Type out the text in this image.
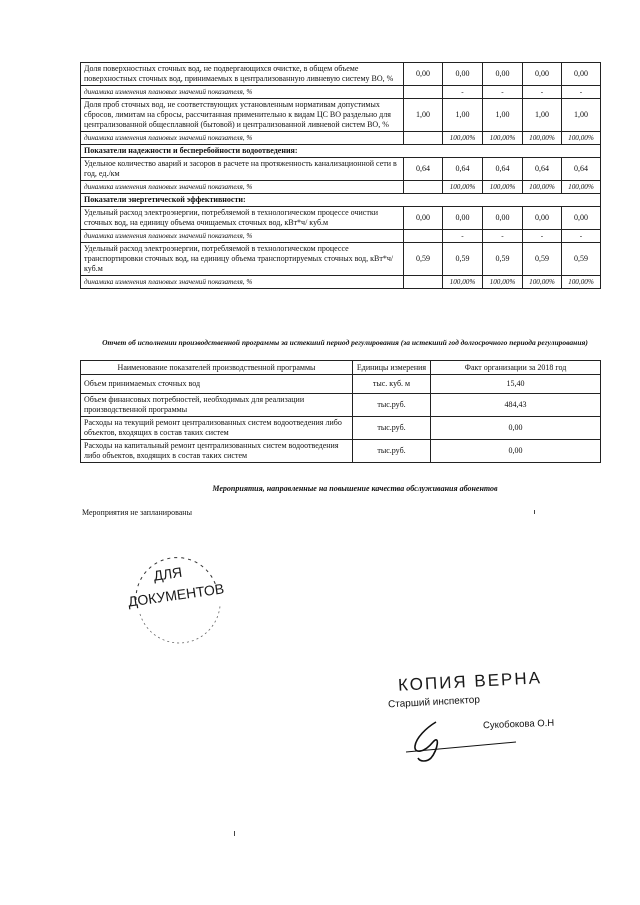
Доля поверхностных сточных вод, не подвергающихся очистке, в общем объеме поверхностных сточных вод, принимаемых в централизованную ливневую систему ВО, %	0,00	0,00	0,00	0,00	0,00
динамика изменения плановых значений показателя, %		-	-	-	-
Доля проб сточных вод, не соответствующих установленным нормативам допустимых сбросов, лимитам на сбросы, рассчитанная применительно к видам ЦС ВО раздельно для централизованной общесплавной (бытовой) и централизованной ливневой систем ВО, %	1,00	1,00	1,00	1,00	1,00
динамика изменения плановых значений показателя, %		100,00%	100,00%	100,00%	100,00%
Показатели надежности и бесперебойности водоотведения:					
Удельное количество аварий и засоров в расчете на протяженность канализационной сети в год, ед./км	0,64	0,64	0,64	0,64	0,64
динамика изменения плановых значений показателя, %		100,00%	100,00%	100,00%	100,00%
Показатели энергетической эффективности:					
Удельный расход электроэнергии, потребляемой в технологическом процессе очистки сточных вод, на единицу объема очищаемых сточных вод, кВт*ч/ куб.м	0,00	0,00	0,00	0,00	0,00
динамика изменения плановых значений показателя, %		-	-	-	-
Удельный расход электроэнергии, потребляемой в технологическом процессе транспортировки сточных вод, на единицу объема транспортируемых сточных вод, кВт*ч/ куб.м	0,59	0,59	0,59	0,59	0,59
динамика изменения плановых значений показателя, %		100,00%	100,00%	100,00%	100,00%
Отчет об исполнении производственной программы за истекший период регулирования (за истекший год долгосрочного периода регулирования)
Наименование показателей производственной программы	Единицы измерения	Факт организации за 2018 год
Объем принимаемых сточных вод	тыс. куб. м	15,40
Объем финансовых потребностей, необходимых для реализации производственной программы	тыс.руб.	484,43
Расходы на текущий ремонт централизованных систем водоотведения либо объектов, входящих в состав таких систем	тыс.руб.	0,00
Расходы на капитальный ремонт централизованных систем водоотведения либо объектов, входящих в состав таких систем	тыс.руб.	0,00
Мероприятия, направленные на повышение качества обслуживания абонентов
Мероприятия не запланированы
ДЛЯ
ДОКУМЕНТОВ
КОПИЯ ВЕРНА
Старший инспектор
Сукобокова О.Н
